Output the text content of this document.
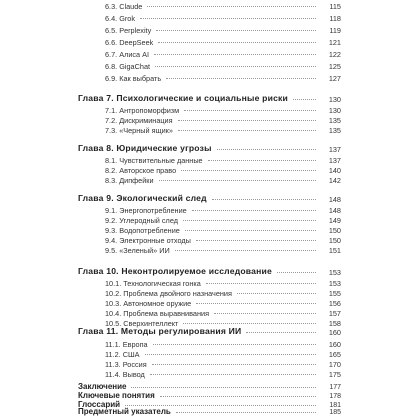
6.3. Claude	115
6.4. Grok	118
6.5. Perplexity	119
6.6. DeepSeek	121
6.7. Алиса AI	122
6.8. GigaChat	125
6.9. Как выбрать	127
Глава 7. Психологические и социальные риски	130
7.1. Антропоморфизм	130
7.2. Дискриминация	135
7.3. «Черный ящик»	135
Глава 8. Юридические угрозы	137
8.1. Чувствительные данные	137
8.2. Авторское право	140
8.3. Дипфейки	142
Глава 9. Экологический след	148
9.1. Энергопотребление	148
9.2. Углеродный след	149
9.3. Водопотребление	150
9.4. Электронные отходы	150
9.5. «Зеленый» ИИ	151
Глава 10. Неконтролируемое исследование	153
10.1. Технологическая гонка	153
10.2. Проблема двойного назначения	155
10.3. Автономное оружие	156
10.4. Проблема выравнивания	157
10.5. Сверхинтеллект	158
Глава 11. Методы регулирования ИИ	160
11.1. Европа	160
11.2. США	165
11.3. Россия	170
11.4. Вывод	175
Заключение	177
Ключевые понятия	178
Глоссарий	181
Предметный указатель	185
